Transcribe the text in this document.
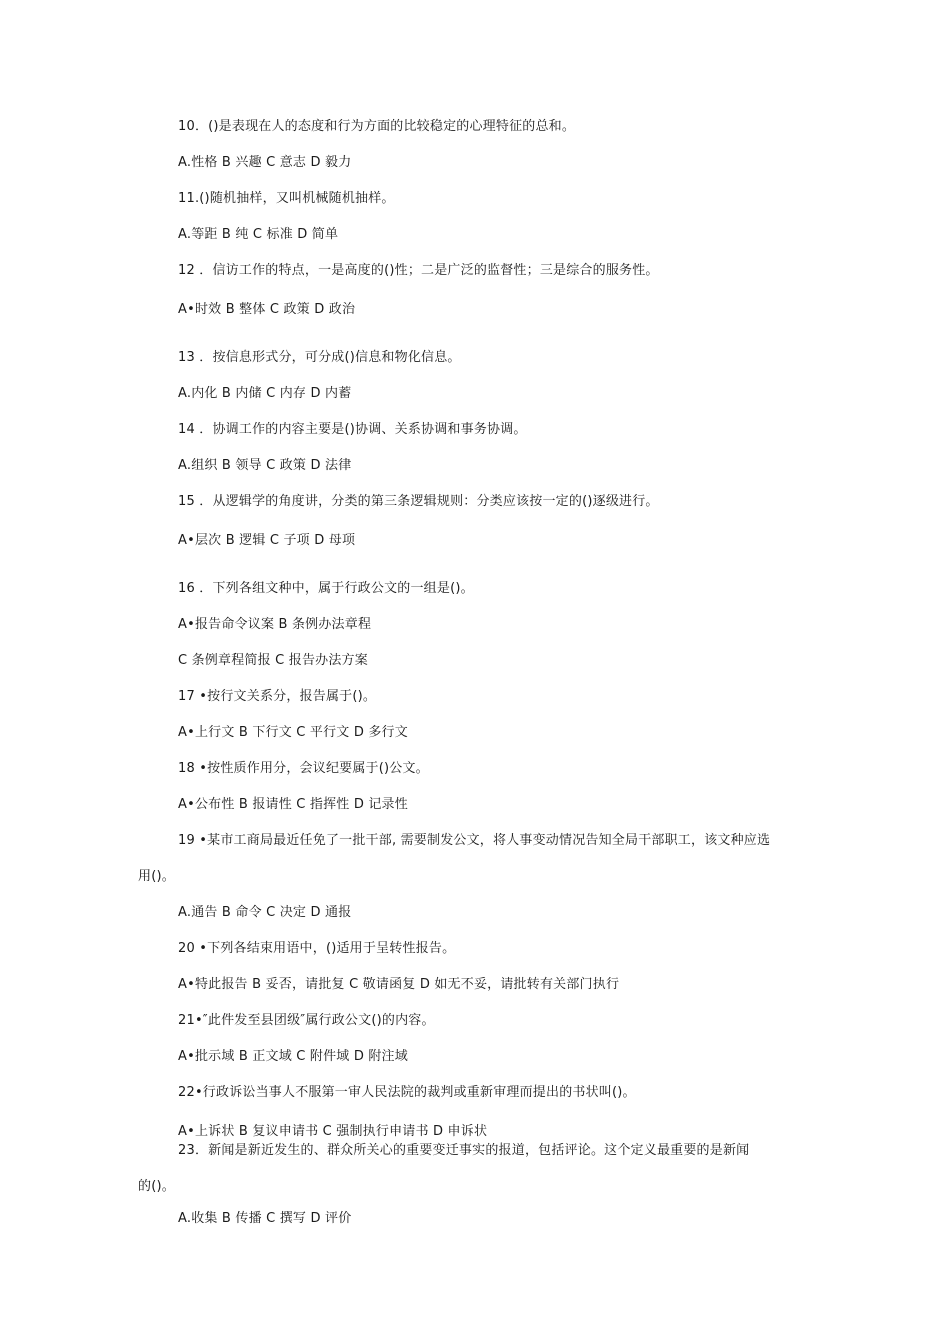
10．()是表现在人的态度和行为方面的比较稳定的心理特征的总和。
A.性格 B 兴趣 C 意志 D 毅力
11.()随机抽样，又叫机械随机抽样。
A.等距 B 纯 C 标准 D 简单
12 ．信访工作的特点，一是高度的()性；二是广泛的监督性；三是综合的服务性。
A•时效 B 整体 C 政策 D 政治
13 ．按信息形式分，可分成()信息和物化信息。
A.内化 B 内储 C 内存 D 内蓄
14 ．协调工作的内容主要是()协调、关系协调和事务协调。
A.组织 B 领导 C 政策 D 法律
15 ．从逻辑学的角度讲，分类的第三条逻辑规则：分类应该按一定的()逐级进行。
A•层次 B 逻辑 C 子项 D 母项
16 ．下列各组文种中，属于行政公文的一组是()。
A•报告命令议案 B 条例办法章程
C 条例章程简报 C 报告办法方案
17 •按行文关系分，报告属于()。
A•上行文 B 下行文 C 平行文 D 多行文
18 •按性质作用分，会议纪要属于()公文。
A•公布性 B 报请性 C 指挥性 D 记录性
19 •某市工商局最近任免了一批干部, 需要制发公文，将人事变动情况告知全局干部职工，该文种应选
用()。
A.通告 B 命令 C 决定 D 通报
20 •下列各结束用语中，()适用于呈转性报告。
A•特此报告 B 妥否，请批复 C 敬请函复 D 如无不妥，请批转有关部门执行
21•″此件发至县团级″属行政公文()的内容。
A•批示域 B 正文域 C 附件域 D 附注域
22•行政诉讼当事人不服第一审人民法院的裁判或重新审理而提出的书状叫()。
A•上诉状 B 复议申请书 C 强制执行申请书 D 申诉状
23．新闻是新近发生的、群众所关心的重要变迁事实的报道，包括评论。这个定义最重要的是新闻
的()。
A.收集 B 传播 C 撰写 D 评价
